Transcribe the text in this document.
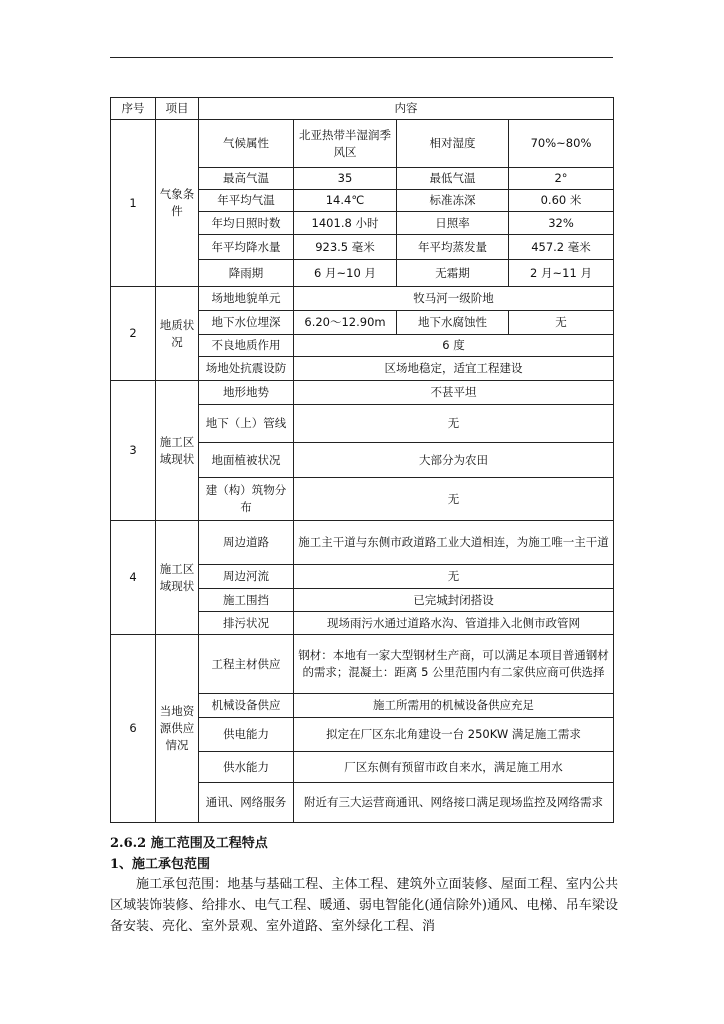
序号	项目	内容			
1	气象条件	气候属性	北亚热带半湿润季风区	相对湿度	70%~80%
		最高气温	35	最低气温	2°
		年平均气温	14.4℃	标准冻深	0.60 米
		年均日照时数	1401.8 小时	日照率	32%
		年平均降水量	923.5 毫米	年平均蒸发量	457.2 毫米
		降雨期	6 月~10 月	无霜期	2 月~11 月
2	地质状况	场地地貌单元	牧马河一级阶地		
		地下水位埋深	6.20～12.90m	地下水腐蚀性	无
		不良地质作用	6 度		
		场地处抗震设防	区场地稳定，适宜工程建设		
3	施工区域现状	地形地势	不甚平坦		
		地下（上）管线	无		
		地面植被状况	大部分为农田		
		建（构）筑物分布	无		
4	施工区域现状	周边道路	施工主干道与东侧市政道路工业大道相连，为施工唯一主干道		
		周边河流	无		
		施工围挡	已完城封闭搭设		
		排污状况	现场雨污水通过道路水沟、管道排入北侧市政管网		
6	当地资源供应情况	工程主材供应	钢材：本地有一家大型钢材生产商，可以满足本项目普通钢材的需求；混凝土：距离 5 公里范围内有二家供应商可供选择		
		机械设备供应	施工所需用的机械设备供应充足		
		供电能力	拟定在厂区东北角建设一台 250KW 满足施工需求		
		供水能力	厂区东侧有预留市政自来水，满足施工用水		
		通讯、网络服务	附近有三大运营商通讯、网络接口满足现场监控及网络需求		
2.6.2 施工范围及工程特点
1、施工承包范围
施工承包范围：地基与基础工程、主体工程、建筑外立面装修、屋面工程、室内公共区域装饰装修、给排水、电气工程、暖通、弱电智能化(通信除外)通风、电梯、吊车梁设备安装、亮化、室外景观、室外道路、室外绿化工程、消
